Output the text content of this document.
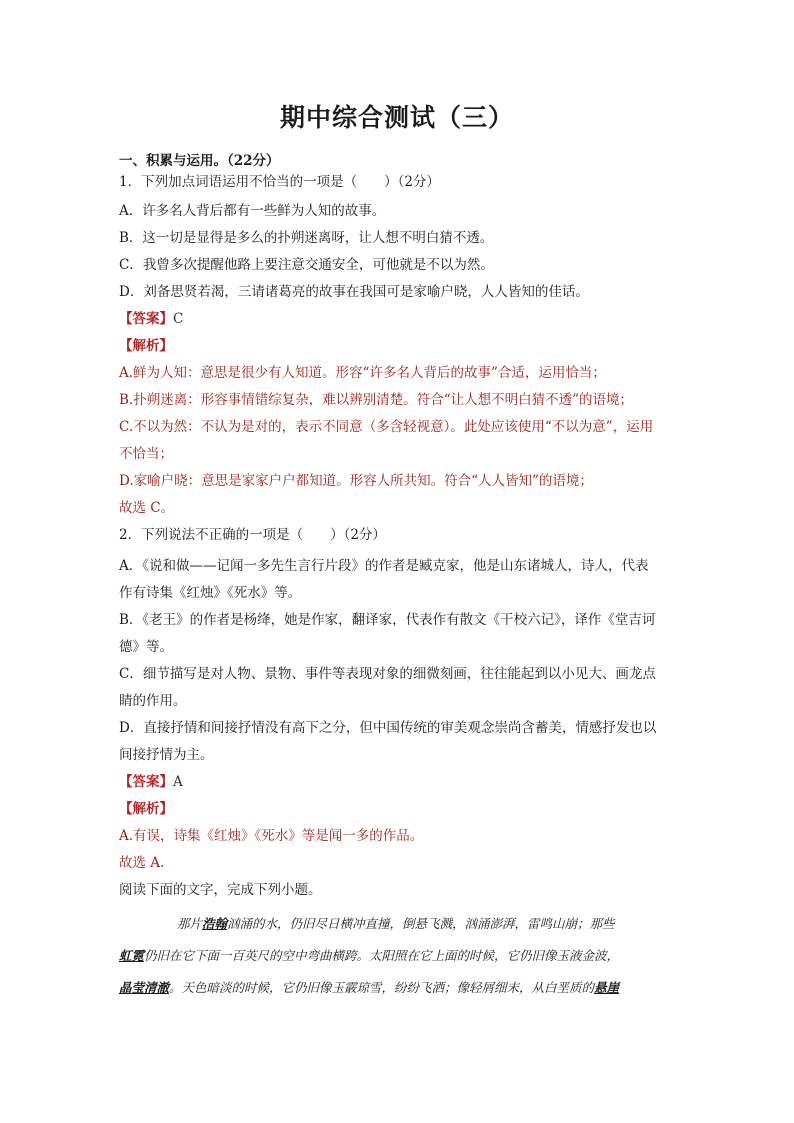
期中综合测试（三）
一、积累与运用。（22分）
1．下列加点词语运用不恰当的一项是（　　）（2分）
A．许多名人背后都有一些鲜为人知的故事。
B．这一切是显得是多么的扑朔迷离呀，让人想不明白猜不透。
C．我曾多次提醒他路上要注意交通安全，可他就是不以为然。
D．刘备思贤若渴，三请诸葛亮的故事在我国可是家喻户晓，人人皆知的佳话。
【答案】C
【解析】
A.鲜为人知：意思是很少有人知道。形容“许多名人背后的故事”合适，运用恰当；
B.扑朔迷离：形容事情错综复杂，难以辨别清楚。符合“让人想不明白猜不透”的语境；
C.不以为然：不认为是对的，表示不同意（多含轻视意）。此处应该使用“不以为意”，运用
不恰当；
D.家喻户晓：意思是家家户户都知道。形容人所共知。符合“人人皆知”的语境；
故选 C。
2．下列说法不正确的一项是（　　）（2分）
A．《说和做——记闻一多先生言行片段》的作者是臧克家，他是山东诸城人，诗人，代表
作有诗集《红烛》《死水》等。
B．《老王》的作者是杨绛，她是作家，翻译家，代表作有散文《干校六记》，译作《堂吉诃
德》等。
C．细节描写是对人物、景物、事件等表现对象的细微刻画，往往能起到以小见大、画龙点
睛的作用。
D．直接抒情和间接抒情没有高下之分，但中国传统的审美观念崇尚含蓄美，情感抒发也以
间接抒情为主。
【答案】A
【解析】
A.有误，诗集《红烛》《死水》等是闻一多的作品。
故选 A.
阅读下面的文字，完成下列小题。
那片浩翰汹涌的水，仍旧尽日横冲直撞，倒悬飞溅，汹涌澎湃，雷鸣山崩；那些
虹霓仍旧在它下面一百英尺的空中弯曲横跨。太阳照在它上面的时候，它仍旧像玉液金波，
晶莹清澈。天色暗淡的时候，它仍旧像玉霰琼雪，纷纷飞洒；像轻屑细末，从白垩质的悬崖
